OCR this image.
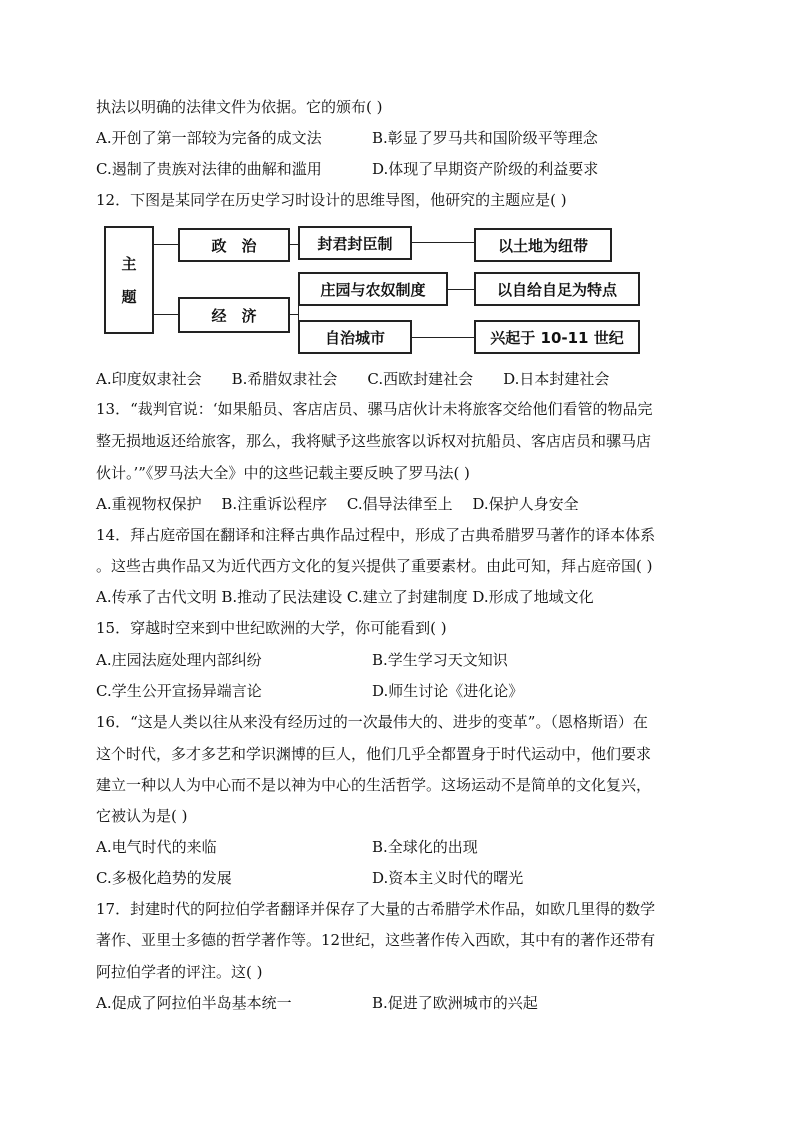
执法以明确的法律文件为依据。它的颁布( )
A.开创了第一部较为完备的成文法	B.彰显了罗马共和国阶级平等理念
C.遏制了贵族对法律的曲解和滥用	D.体现了早期资产阶级的利益要求
12．下图是某同学在历史学习时设计的思维导图，他研究的主题应是( )
主
题
政　治
经　济
封君封臣制
庄园与农奴制度
自治城市
以土地为纽带
以自给自足为特点
兴起于 10-11 世纪
A.印度奴隶社会　　B.希腊奴隶社会　　C.西欧封建社会　　D.日本封建社会
13．“裁判官说：‘如果船员、客店店员、骡马店伙计未将旅客交给他们看管的物品完
整无损地返还给旅客，那么，我将赋予这些旅客以诉权对抗船员、客店店员和骡马店
伙计。’”《罗马法大全》中的这些记载主要反映了罗马法( )
A.重视物权保护　 B.注重诉讼程序　 C.倡导法律至上　 D.保护人身安全
14．拜占庭帝国在翻译和注释古典作品过程中，形成了古典希腊罗马著作的译本体系
。这些古典作品又为近代西方文化的复兴提供了重要素材。由此可知，拜占庭帝国( )
A.传承了古代文明 B.推动了民法建设 C.建立了封建制度 D.形成了地域文化
15．穿越时空来到中世纪欧洲的大学，你可能看到( )
A.庄园法庭处理内部纠纷	B.学生学习天文知识
C.学生公开宣扬异端言论	D.师生讨论《进化论》
16．“这是人类以往从来没有经历过的一次最伟大的、进步的变革”。（恩格斯语）在
这个时代，多才多艺和学识渊博的巨人，他们几乎全都置身于时代运动中，他们要求
建立一种以人为中心而不是以神为中心的生活哲学。这场运动不是简单的文化复兴，
它被认为是( )
A.电气时代的来临	B.全球化的出现
C.多极化趋势的发展	D.资本主义时代的曙光
17．封建时代的阿拉伯学者翻译并保存了大量的古希腊学术作品，如欧几里得的数学
著作、亚里士多德的哲学著作等。12世纪，这些著作传入西欧，其中有的著作还带有
阿拉伯学者的评注。这( )
A.促成了阿拉伯半岛基本统一	B.促进了欧洲城市的兴起
